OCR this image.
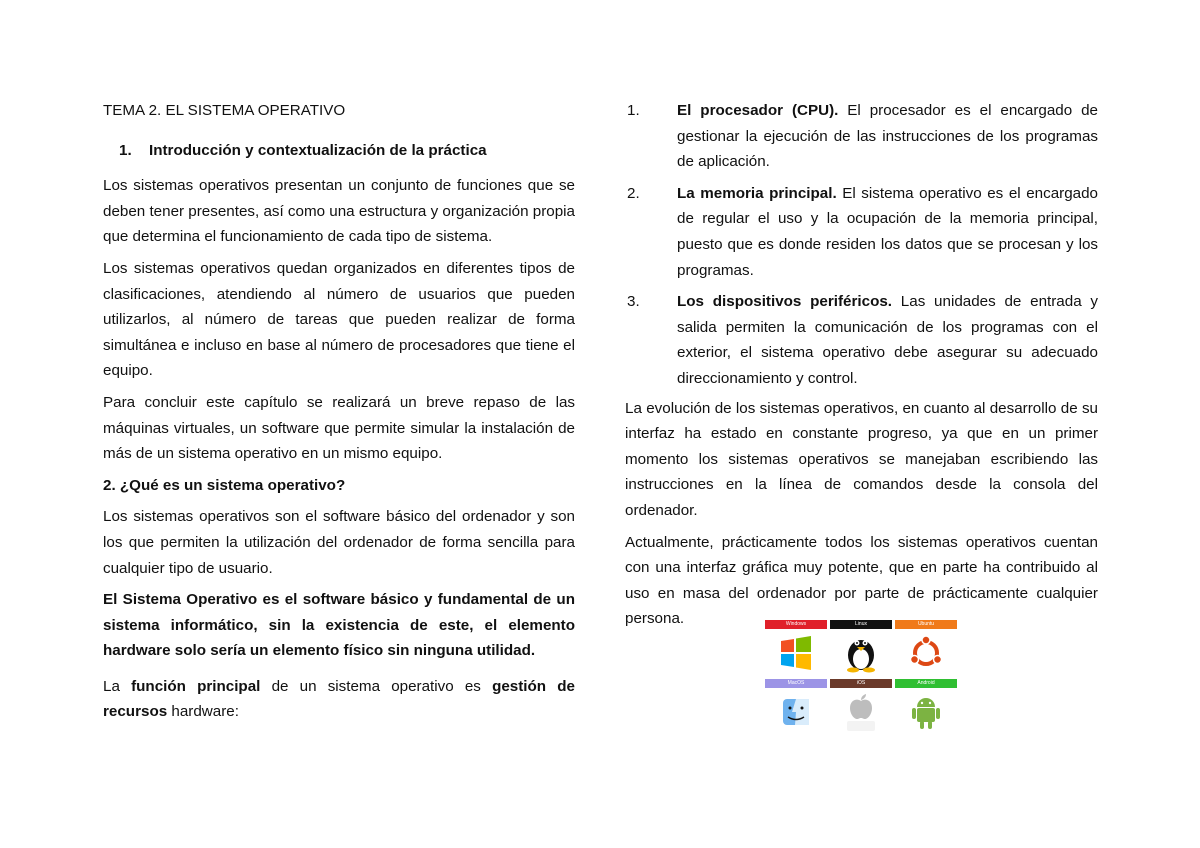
TEMA 2. EL SISTEMA OPERATIVO

1.	Introducción y contextualización de la práctica

Los sistemas operativos presentan un conjunto de funciones que se deben tener presentes, así como una estructura y organización propia que determina el funcionamiento de cada tipo de sistema.

Los sistemas operativos quedan organizados en diferentes tipos de clasificaciones, atendiendo al número de usuarios que pueden utilizarlos, al número de tareas que pueden realizar de forma simultánea e incluso en base al número de procesadores que tiene el equipo.

Para concluir este capítulo se realizará un breve repaso de las máquinas virtuales, un software que permite simular la instalación de más de un sistema operativo en un mismo equipo.

2. ¿Qué es un sistema operativo?

Los sistemas operativos son el software básico del ordenador y son los que permiten la utilización del ordenador de forma sencilla para cualquier tipo de usuario.

El Sistema Operativo es el software básico y fundamental de un sistema informático, sin la existencia de este, el elemento hardware solo sería un elemento físico sin ninguna utilidad.

La función principal de un sistema operativo es gestión de recursos hardware:

1.	El procesador (CPU). El procesador es el encargado de gestionar la ejecución de las instrucciones de los programas de aplicación.

2.	La memoria principal. El sistema operativo es el encargado de regular el uso y la ocupación de la memoria principal, puesto que es donde residen los datos que se procesan y los programas.

3.	Los dispositivos periféricos. Las unidades de entrada y salida permiten la comunicación de los programas con el exterior, el sistema operativo debe asegurar su adecuado direccionamiento y control.

La evolución de los sistemas operativos, en cuanto al desarrollo de su interfaz ha estado en constante progreso, ya que en un primer momento los sistemas operativos se manejaban escribiendo las instrucciones en la línea de comandos desde la consola del ordenador.

Actualmente, prácticamente todos los sistemas operativos cuentan con una interfaz gráfica muy potente, que en parte ha contribuido al uso en masa del ordenador por parte de prácticamente cualquier persona.	Windows	Linux	Ubuntu
MacOS	iOS	Android
